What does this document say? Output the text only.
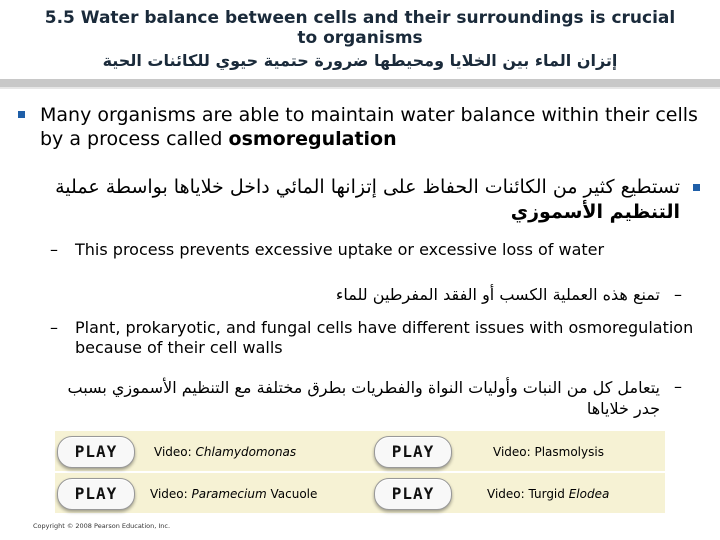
5.5 Water balance between cells and their surroundings is crucial
to organisms
إتزان الماء بين الخلايا ومحيطها ضرورة حتمية حيوي للكائنات الحية
Many organisms are able to maintain water balance within their cells by a process called osmoregulation
تستطيع كثير من الكائنات الحفاظ على إتزانها المائي داخل خلاياها بواسطة عملية التنظيم الأسموزي
– This process prevents excessive uptake or excessive loss of water
–
تمنع هذه العملية الكسب أو الفقد المفرطين للماء
– Plant, prokaryotic, and fungal cells have different issues with osmoregulation because of their cell walls
–
يتعامل كل من النبات وأوليات النواة والفطريات بطرق مختلفة مع التنظيم الأسموزي بسبب جدر خلاياها
PLAY	Video: Chlamydomonas	PLAY	Video: Plasmolysis
PLAY	Video: Paramecium Vacuole	PLAY	Video: Turgid Elodea
Copyright © 2008 Pearson Education, Inc.
